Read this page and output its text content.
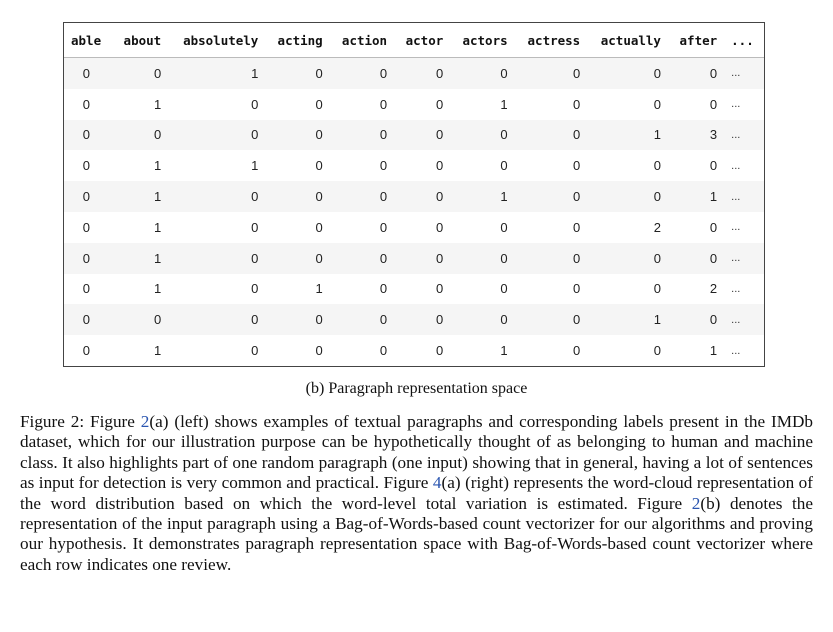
able	about	absolutely	acting	action	actor	actors	actress	actually	after	...
0	0	1	0	0	0	0	0	0	0	...
0	1	0	0	0	0	1	0	0	0	...
0	0	0	0	0	0	0	0	1	3	...
0	1	1	0	0	0	0	0	0	0	...
0	1	0	0	0	0	1	0	0	1	...
0	1	0	0	0	0	0	0	2	0	...
0	1	0	0	0	0	0	0	0	0	...
0	1	0	1	0	0	0	0	0	2	...
0	0	0	0	0	0	0	0	1	0	...
0	1	0	0	0	0	1	0	0	1	...
(b) Paragraph representation space

Figure 2: Figure 2(a) (left) shows examples of textual paragraphs and corresponding labels present in the IMDb dataset, which for our illustration purpose can be hypothetically thought of as belonging to human and machine class. It also highlights part of one random paragraph (one input) showing that in general, having a lot of sentences as input for detection is very common and practical. Figure 4(a) (right) represents the word-cloud representation of the word distribution based on which the word-level total variation is estimated. Figure 2(b) denotes the representation of the input paragraph using a Bag-of-Words-based count vectorizer for our algorithms and proving our hypothesis. It demonstrates paragraph representation space with Bag-of-Words-based count vectorizer where each row indicates one review.
